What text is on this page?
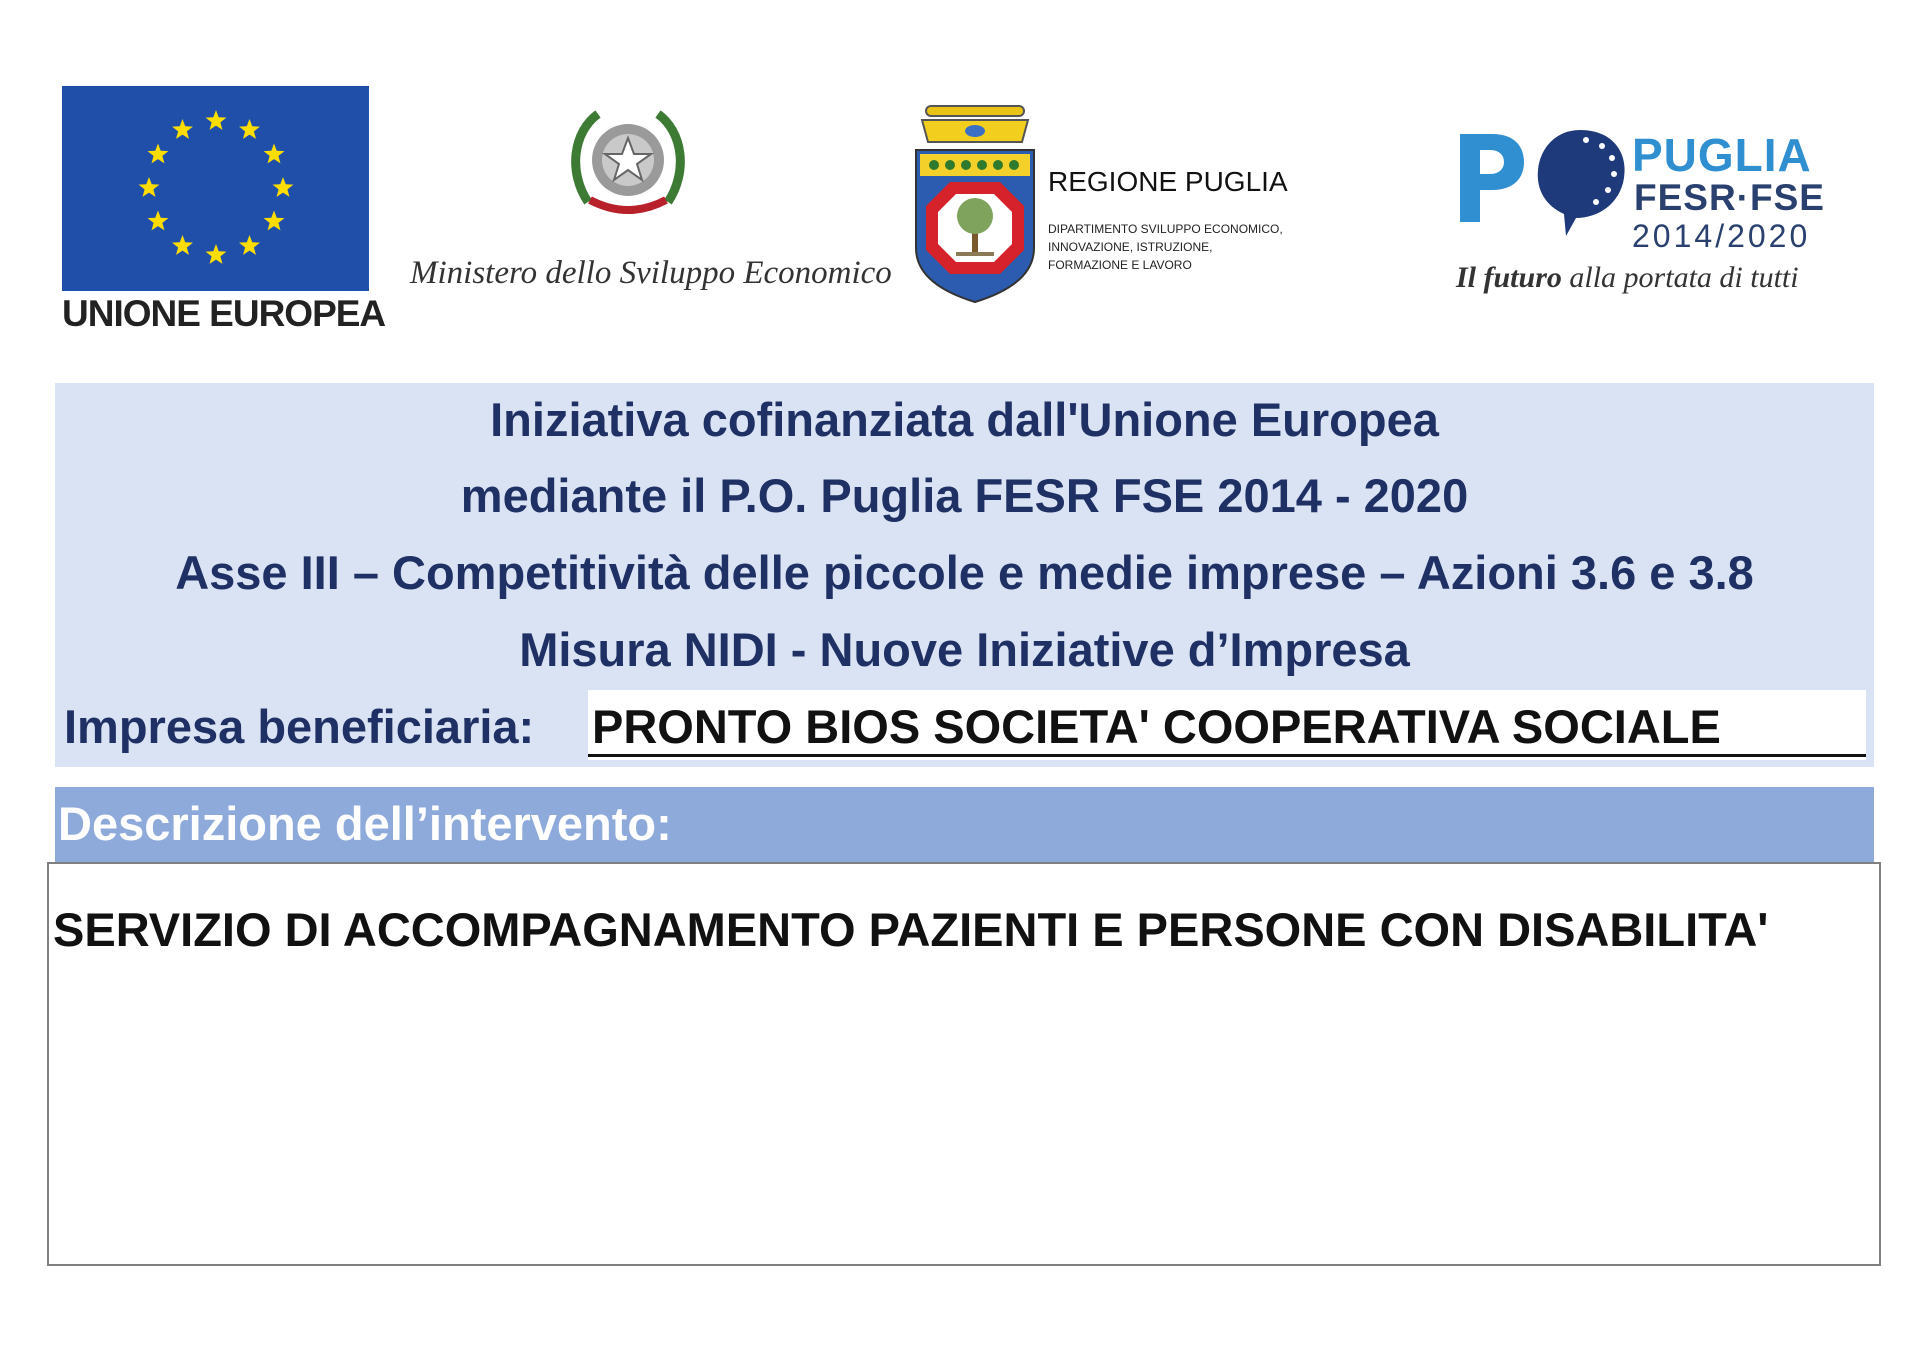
UNIONE EUROPEA
Ministero dello Sviluppo Economico
REGIONE PUGLIA
DIPARTIMENTO SVILUPPO ECONOMICO,
INNOVAZIONE, ISTRUZIONE,
FORMAZIONE E LAVORO
PUGLIA
FESR·FSE
2014/2020
Il futuro alla portata di tutti
Iniziativa cofinanziata dall'Unione Europea
mediante il P.O. Puglia FESR FSE 2014 - 2020
Asse III – Competitività delle piccole e medie imprese – Azioni 3.6 e 3.8
Misura NIDI - Nuove Iniziative d’Impresa
Impresa beneficiaria: PRONTO BIOS SOCIETA' COOPERATIVA SOCIALE
Descrizione dell’intervento:
SERVIZIO DI ACCOMPAGNAMENTO PAZIENTI E PERSONE CON DISABILITA'
